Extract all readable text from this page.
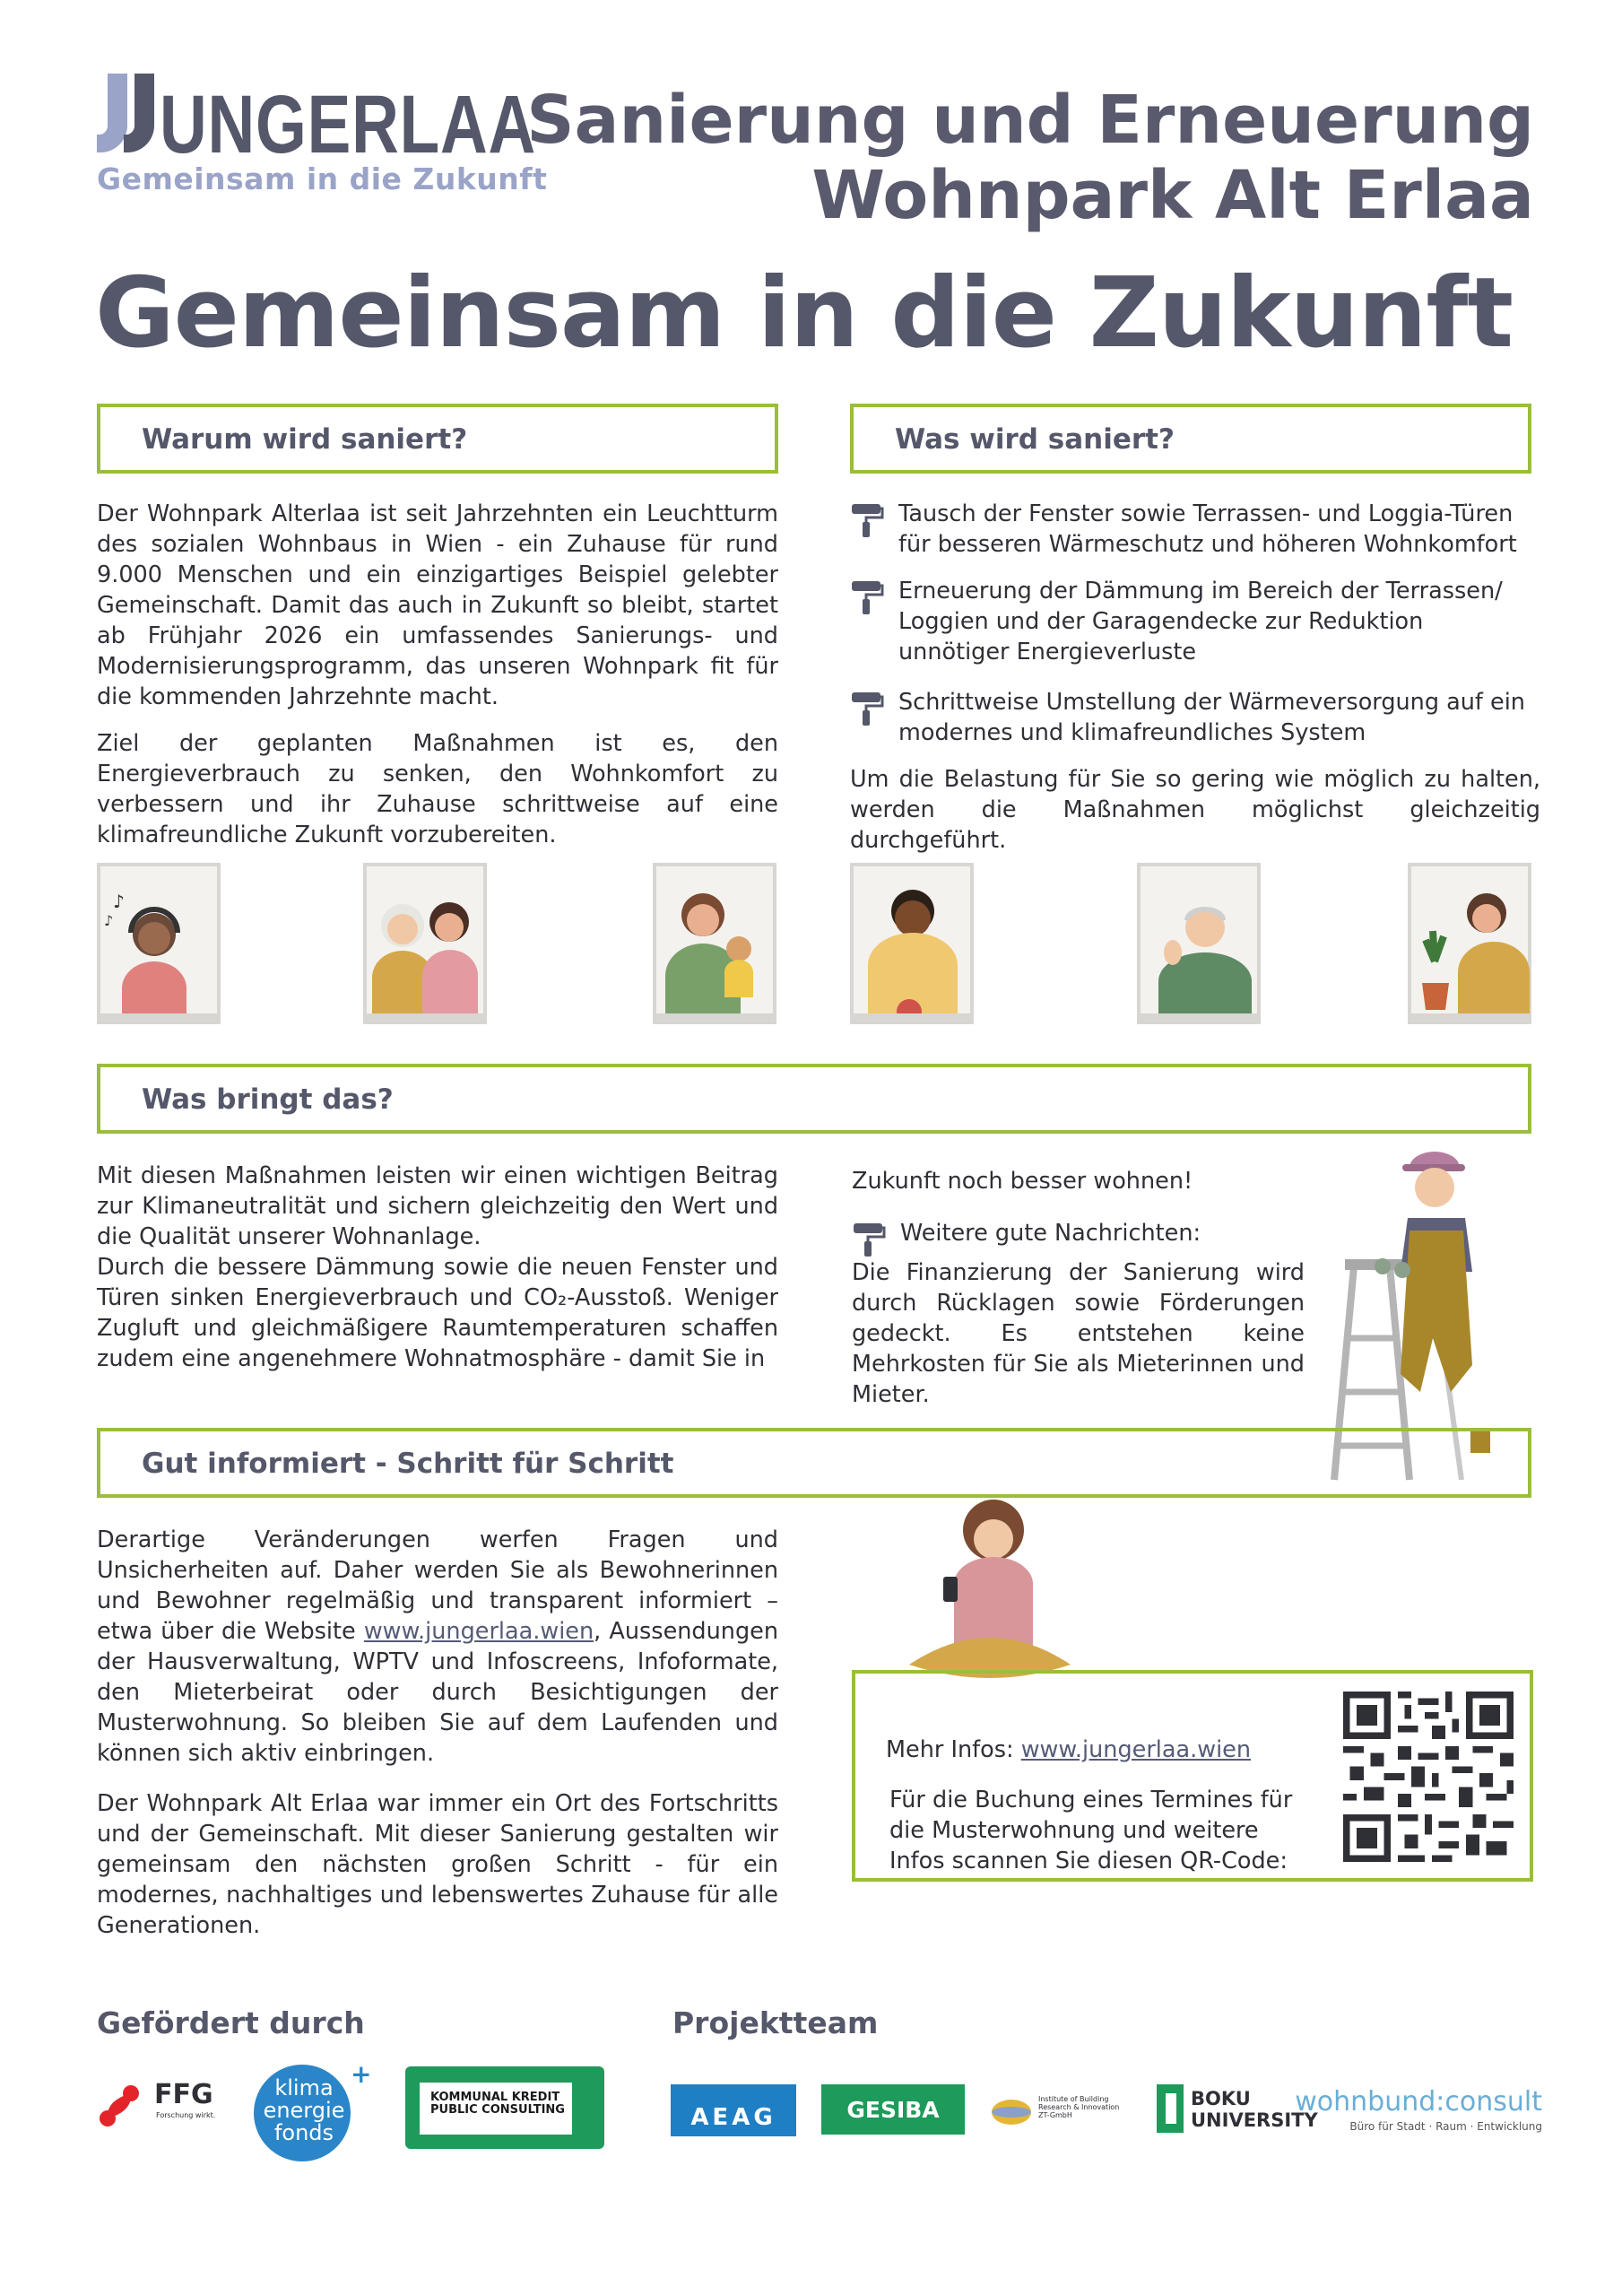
UNGERLAA
Gemeinsam in die Zukunft
Sanierung und Erneuerung
Wohnpark Alt Erlaa
Gemeinsam in die Zukunft
Warum wird saniert?
Der Wohnpark Alterlaa ist seit Jahrzehnten ein Leuchtturm des sozialen Wohnbaus in Wien - ein Zuhause für rund 9.000 Menschen und ein einzigartiges Beispiel gelebter Gemeinschaft. Damit das auch in Zukunft so bleibt, startet ab Frühjahr 2026 ein umfassendes Sanierungs- und Modernisierungsprogramm, das unseren Wohnpark fit für die kommenden Jahrzehnte macht.
Ziel der geplanten Maßnahmen ist es, den Energieverbrauch zu senken, den Wohnkomfort zu verbessern und ihr Zuhause schrittweise auf eine klimafreundliche Zukunft vorzubereiten.
Was wird saniert?
Tausch der Fenster sowie Terrassen- und Loggia-Türen für besseren Wärmeschutz und höheren Wohnkomfort
Erneuerung der Dämmung im Bereich der Terrassen/ Loggien und der Garagendecke zur Reduktion unnötiger Energieverluste
Schrittweise Umstellung der Wärmeversorgung auf ein modernes und klimafreundliches System
Um die Belastung für Sie so gering wie möglich zu halten, werden die Maßnahmen möglichst gleichzeitig durchgeführt.
♪
♪
Was bringt das?
Mit diesen Maßnahmen leisten wir einen wichtigen Beitrag zur Klimaneutralität und sichern gleichzeitig den Wert und die Qualität unserer Wohnanlage.
Durch die bessere Dämmung sowie die neuen Fenster und Türen sinken Energieverbrauch und CO₂-Ausstoß. Weniger Zugluft und gleichmäßigere Raumtemperaturen schaffen zudem eine angenehmere Wohnatmosphäre - damit Sie in
Zukunft noch besser wohnen!
Weitere gute Nachrichten:
Die Finanzierung der Sanierung wird durch Rücklagen sowie Förderungen gedeckt. Es entstehen keine Mehrkosten für Sie als Mieterinnen und Mieter.
Gut informiert - Schritt für Schritt
Derartige Veränderungen werfen Fragen und Unsicherheiten auf. Daher werden Sie als Bewohnerinnen und Bewohner regelmäßig und transparent informiert – etwa über die Website www.jungerlaa.wien, Aussendungen der Hausverwaltung, WPTV und Infoscreens, Infoformate, den Mieterbeirat oder durch Besichtigungen der Musterwohnung. So bleiben Sie auf dem Laufenden und können sich aktiv einbringen.
Der Wohnpark Alt Erlaa war immer ein Ort des Fortschritts und der Gemeinschaft. Mit dieser Sanierung gestalten wir gemeinsam den nächsten großen Schritt - für ein modernes, nachhaltiges und lebenswertes Zuhause für alle Generationen.
Mehr Infos: www.jungerlaa.wien
Für die Buchung eines Termines für die Musterwohnung und weitere Infos scannen Sie diesen QR-Code:
Gefördert durch	Projektteam
FFG
Forschung wirkt.
klima energie fonds
+
KOMMUNAL KREDIT PUBLIC CONSULTING	AEAG	GESIBA	Institute of Building Research & Innovation ZT-GmbH
BOKU UNIVERSITY
wohnbund:consult
Büro für Stadt · Raum · Entwicklung
